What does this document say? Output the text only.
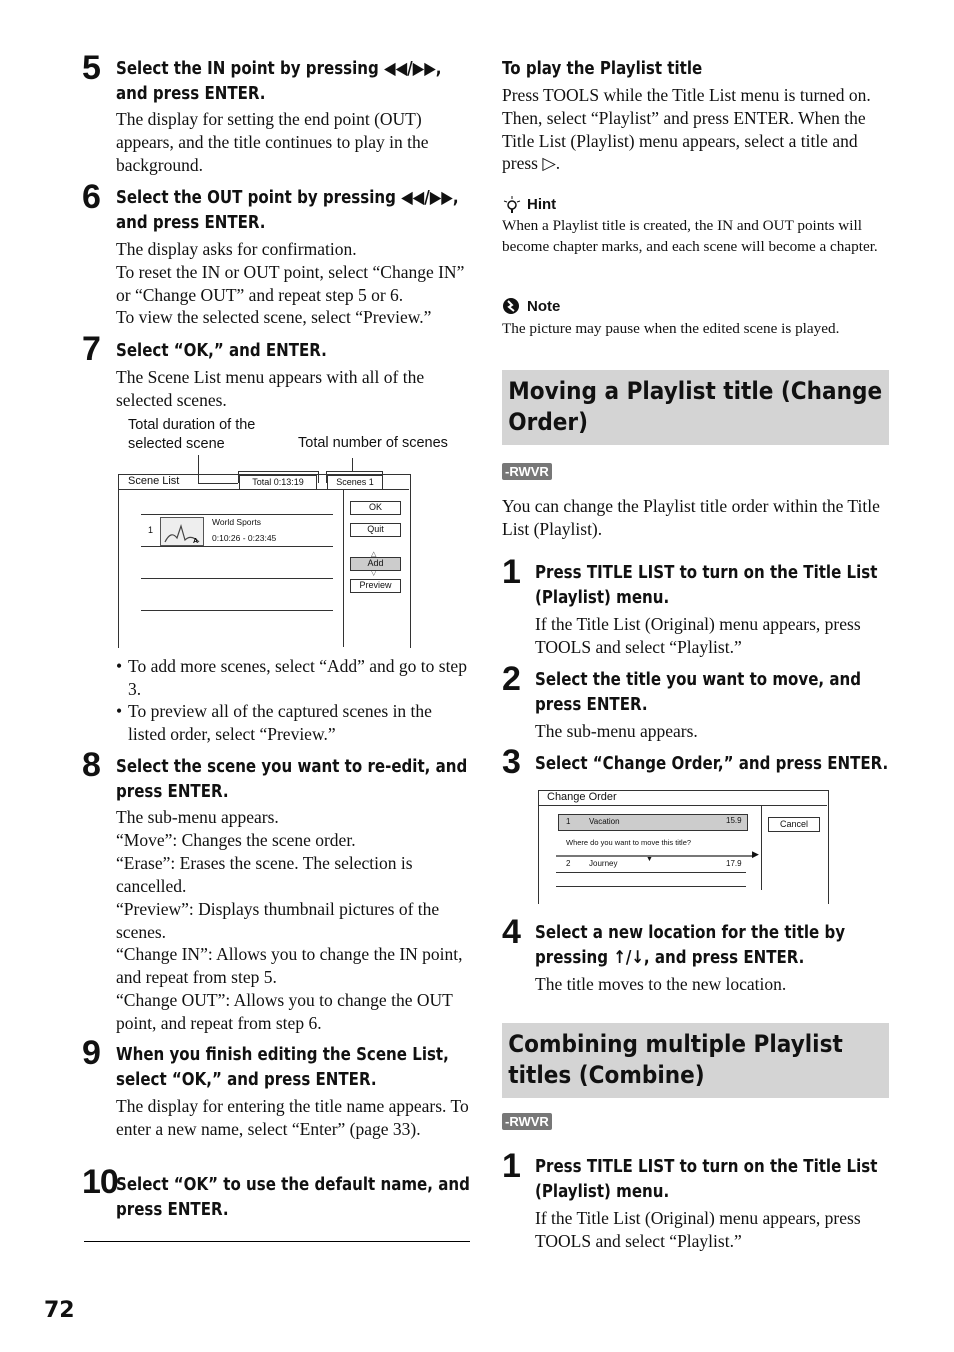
5 Select the IN point by pressing ◀◀/▶▶, and press ENTER.
The display for setting the end point (OUT) appears, and the title continues to play in the background.
6 Select the OUT point by pressing ◀◀/▶▶, and press ENTER.
The display asks for confirmation.
To reset the IN or OUT point, select “Change IN” or “Change OUT” and repeat step 5 or 6.
To view the selected scene, select “Preview.”
7 Select “OK,” and ENTER.
The Scene List menu appears with all of the selected scenes.
Total duration of the selected scene	Total number of scenes
Scene List	Total 0:13:19	Scenes 1
1
A
World Sports
0:10:26 - 0:23:45
OK
Quit
Add
△
▽
Preview
• To add more scenes, select “Add” and go to step 3.
• To preview all of the captured scenes in the listed order, select “Preview.”
8 Select the scene you want to re-edit, and press ENTER.
The sub-menu appears.
“Move”: Changes the scene order.
“Erase”: Erases the scene. The selection is cancelled.
“Preview”: Displays thumbnail pictures of the scenes.
“Change IN”: Allows you to change the IN point, and repeat from step 5.
“Change OUT”: Allows you to change the OUT point, and repeat from step 6.
9 When you finish editing the Scene List, select “OK,” and press ENTER.
The display for entering the title name appears. To enter a new name, select “Enter” (page 33).
10
Select “OK” to use the default name, and press ENTER.
72
To play the Playlist title
Press TOOLS while the Title List menu is turned on. Then, select “Playlist” and press ENTER. When the Title List (Playlist) menu appears, select a title and press ▷.
Hint
When a Playlist title is created, the IN and OUT points will become chapter marks, and each scene will become a chapter.
Note
The picture may pause when the edited scene is played.
Moving a Playlist title (Change Order)
-RWVR
You can change the Playlist title order within the Title List (Playlist).
1 Press TITLE LIST to turn on the Title List (Playlist) menu.
If the Title List (Original) menu appears, press TOOLS and select “Playlist.”
2 Select the title you want to move, and press ENTER.
The sub-menu appears.
3 Select “Change Order,” and press ENTER.
Change Order
1 Vacation	15.9
Where do you want to move this title?
▶
▼
2 Journey	17.9
Cancel
4 Select a new location for the title by pressing ↑/↓, and press ENTER.
The title moves to the new location.
Combining multiple Playlist titles (Combine)
-RWVR
1 Press TITLE LIST to turn on the Title List (Playlist) menu.
If the Title List (Original) menu appears, press TOOLS and select “Playlist.”
